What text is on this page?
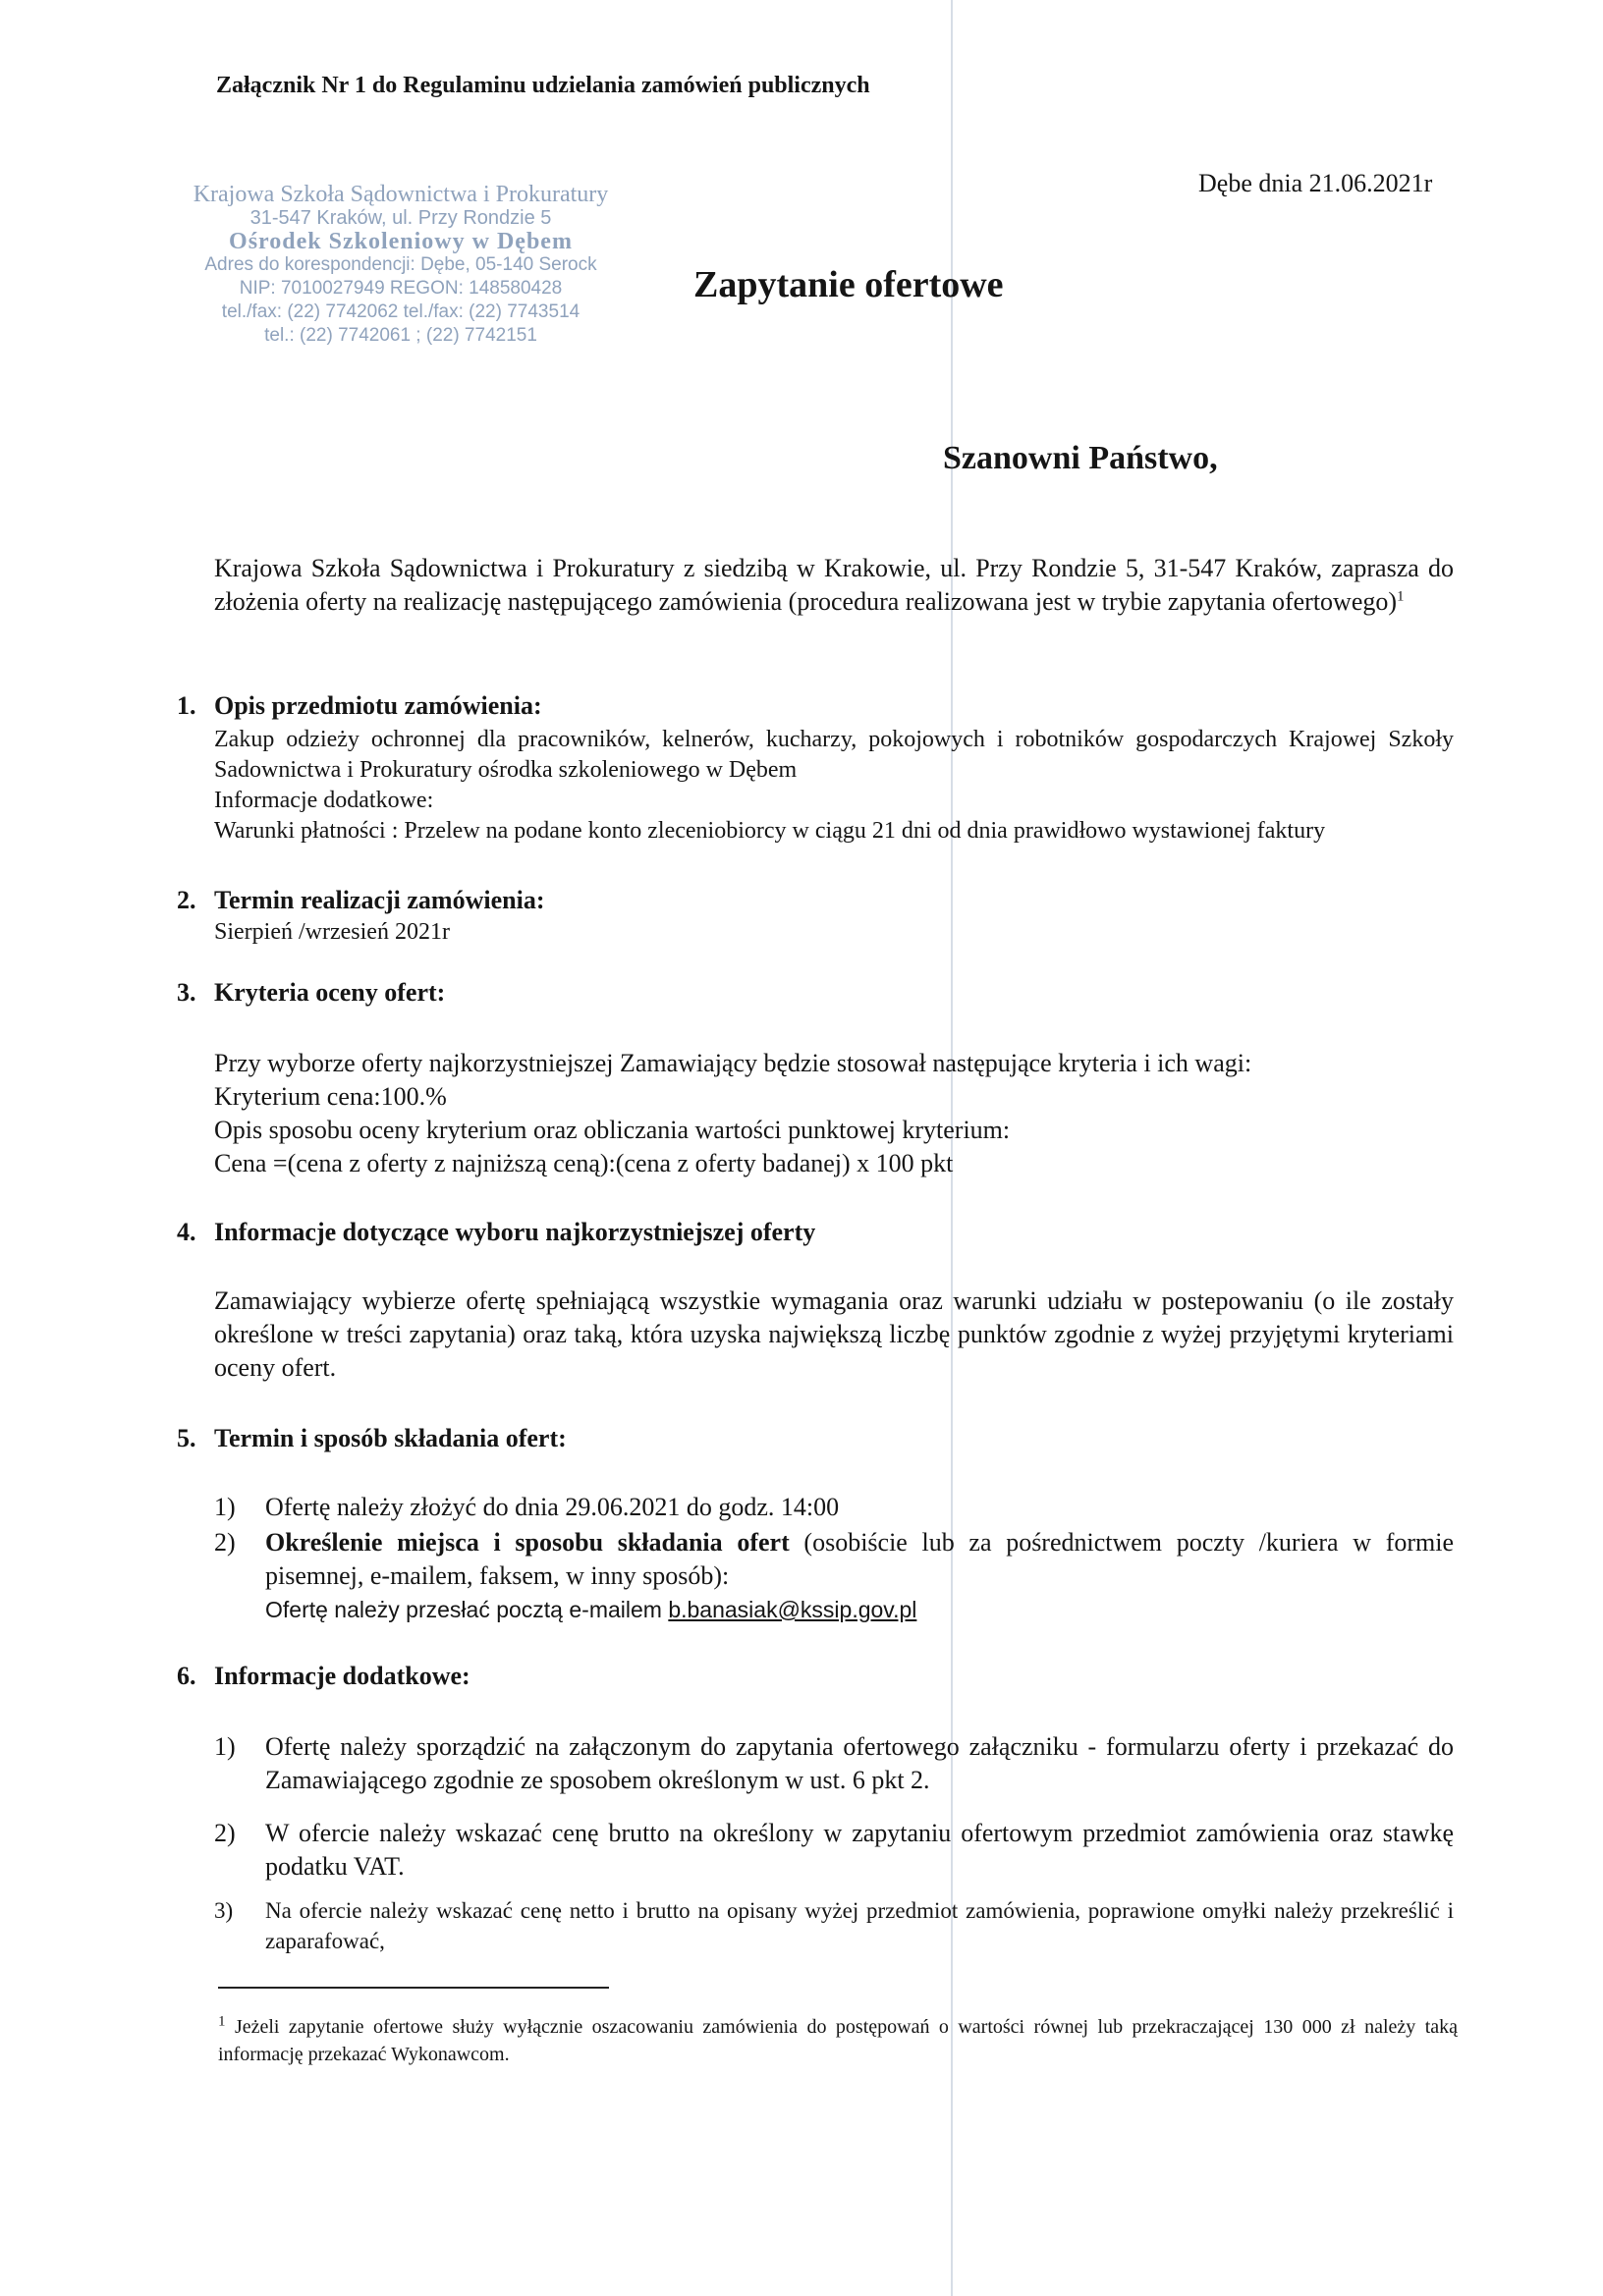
Załącznik Nr 1 do Regulaminu udzielania zamówień publicznych
Dębe dnia 21.06.2021r
Krajowa Szkoła Sądownictwa i Prokuratury
31-547 Kraków, ul. Przy Rondzie 5
Ośrodek Szkoleniowy w Dębem
Adres do korespondencji: Dębe, 05-140 Serock
NIP: 7010027949 REGON: 148580428
tel./fax: (22) 7742062 tel./fax: (22) 7743514
tel.: (22) 7742061 ; (22) 7742151
Zapytanie ofertowe
Szanowni Państwo,
Krajowa Szkoła Sądownictwa i Prokuratury z siedzibą w Krakowie, ul. Przy Rondzie 5, 31-547 Kraków, zaprasza do złożenia oferty na realizację następującego zamówienia (procedura realizowana jest w trybie zapytania ofertowego)$^1$
1. Opis przedmiotu zamówienia:
Zakup odzieży ochronnej dla pracowników, kelnerów, kucharzy, pokojowych i robotników gospodarczych Krajowej Szkoły Sadownictwa i Prokuratury ośrodka szkoleniowego w Dębem
Informacje dodatkowe:
Warunki płatności : Przelew na podane konto zleceniobiorcy w ciągu 21 dni od dnia prawidłowo wystawionej faktury
2. Termin realizacji zamówienia:
Sierpień /wrzesień 2021r
3. Kryteria oceny ofert:
Przy wyborze oferty najkorzystniejszej Zamawiający będzie stosował następujące kryteria i ich wagi:
Kryterium cena:100.%
Opis sposobu oceny kryterium oraz obliczania wartości punktowej kryterium:
Cena =(cena z oferty z najniższą ceną):(cena z oferty badanej) x 100 pkt
4. Informacje dotyczące wyboru najkorzystniejszej oferty
Zamawiający wybierze ofertę spełniającą wszystkie wymagania oraz warunki udziału w postepowaniu (o ile zostały określone w treści zapytania) oraz taką, która uzyska największą liczbę punktów zgodnie z wyżej przyjętymi kryteriami oceny ofert.
5. Termin i sposób składania ofert:
1) Ofertę należy złożyć do dnia 29.06.2021 do godz. 14:00
2) Określenie miejsca i sposobu składania ofert (osobiście lub za pośrednictwem poczty /kuriera w formie pisemnej, e-mailem, faksem, w inny sposób):
Ofertę należy przesłać pocztą e-mailem b.banasiak@kssip.gov.pl
6. Informacje dodatkowe:
1) Ofertę należy sporządzić na załączonym do zapytania ofertowego załączniku - formularzu oferty i przekazać do Zamawiającego zgodnie ze sposobem określonym w ust. 6 pkt 2.
2) W ofercie należy wskazać cenę brutto na określony w zapytaniu ofertowym przedmiot zamówienia oraz stawkę podatku VAT.
3) Na ofercie należy wskazać cenę netto i brutto na opisany wyżej przedmiot zamówienia, poprawione omyłki należy przekreślić i zaparafować,
$^1$ Jeżeli zapytanie ofertowe służy wyłącznie oszacowaniu zamówienia do postępowań o wartości równej lub przekraczającej 130 000 zł należy taką informację przekazać Wykonawcom.
